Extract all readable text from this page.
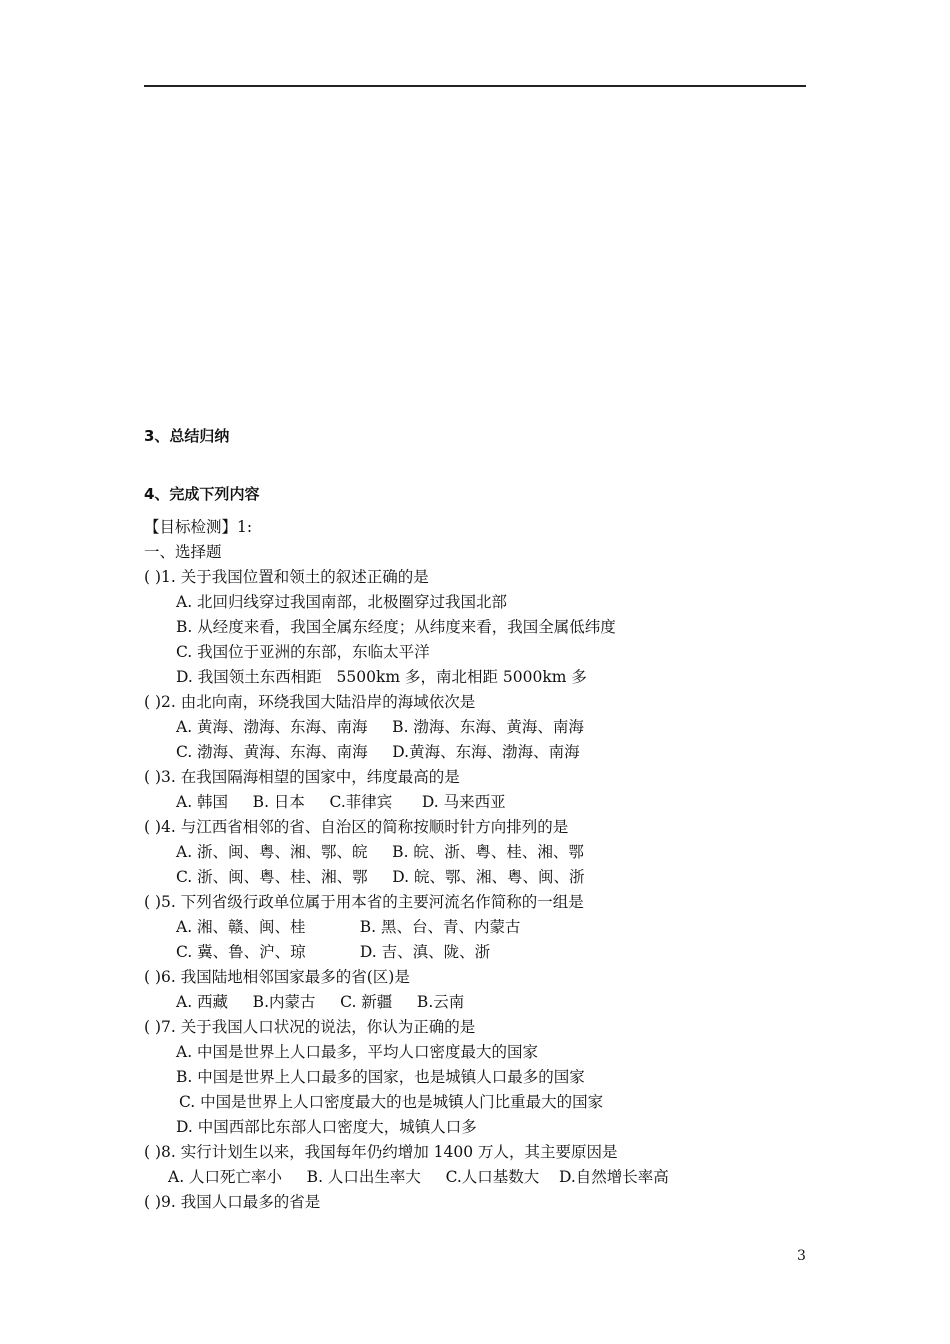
3、总结归纳
4、完成下列内容
【目标检测】1:
一、选择题
( )1. 关于我国位置和领土的叙述正确的是
A. 北回归线穿过我国南部，北极圈穿过我国北部
B. 从经度来看，我国全属东经度；从纬度来看，我国全属低纬度
C. 我国位于亚洲的东部，东临太平洋
D. 我国领土东西相距   5500km 多，南北相距 5000km 多
( )2. 由北向南，环绕我国大陆沿岸的海域依次是
A. 黄海、渤海、东海、南海     B. 渤海、东海、黄海、南海
C. 渤海、黄海、东海、南海     D.黄海、东海、渤海、南海
( )3. 在我国隔海相望的国家中，纬度最高的是
A. 韩国     B. 日本     C.菲律宾      D. 马来西亚
( )4. 与江西省相邻的省、自治区的简称按顺时针方向排列的是
A. 浙、闽、粤、湘、鄂、皖     B. 皖、浙、粤、桂、湘、鄂
C. 浙、闽、粤、桂、湘、鄂     D. 皖、鄂、湘、粤、闽、浙
( )5. 下列省级行政单位属于用本省的主要河流名作简称的一组是
A. 湘、赣、闽、桂           B. 黑、台、青、内蒙古
C. 冀、鲁、沪、琼           D. 吉、滇、陇、浙
( )6. 我国陆地相邻国家最多的省(区)是
A. 西藏     B.内蒙古     C. 新疆     B.云南
( )7. 关于我国人口状况的说法，你认为正确的是
A. 中国是世界上人口最多，平均人口密度最大的国家
B. 中国是世界上人口最多的国家，也是城镇人口最多的国家
C. 中国是世界上人口密度最大的也是城镇人门比重最大的国家
D. 中国西部比东部人口密度大，城镇人口多
( )8. 实行计划生以来，我国每年仍约增加 1400 万人，其主要原因是
A. 人口死亡率小     B. 人口出生率大     C.人口基数大    D.自然增长率高
( )9. 我国人口最多的省是
3
